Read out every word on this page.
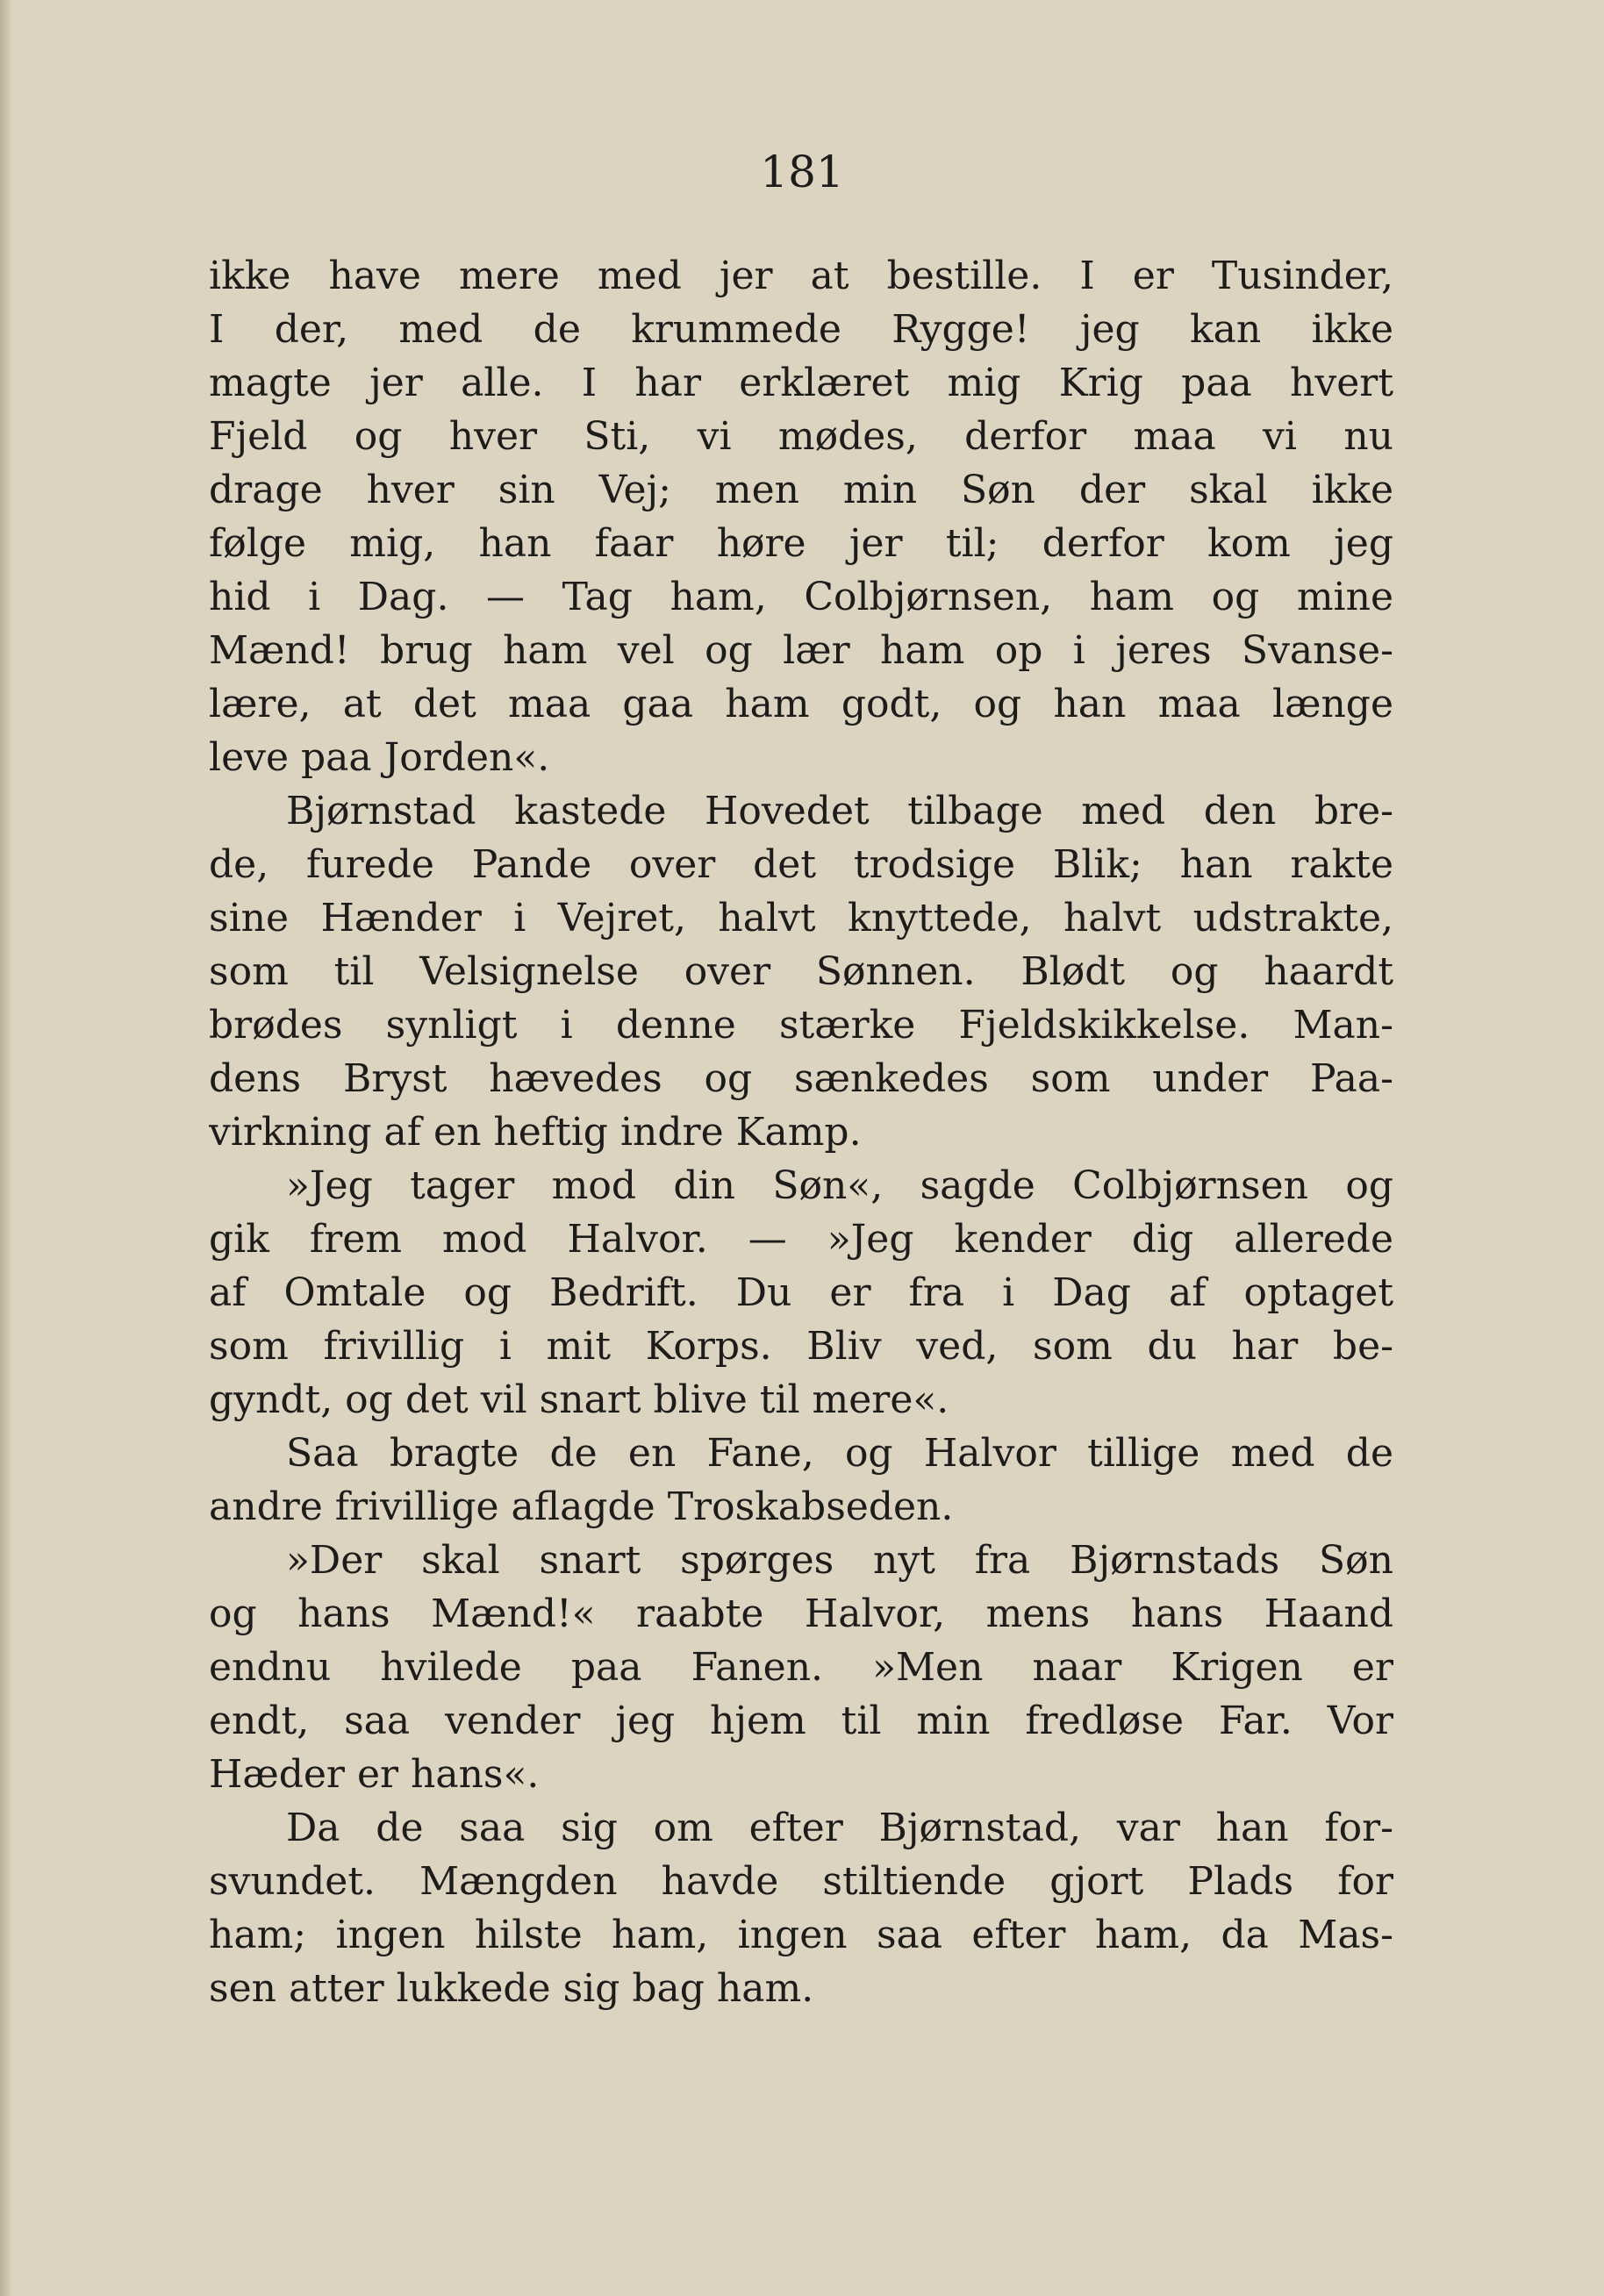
181
ikke have mere med jer at bestille. I er Tusinder,
I der, med de krummede Rygge! jeg kan ikke
magte jer alle. I har erklæret mig Krig paa hvert
Fjeld og hver Sti, vi mødes, derfor maa vi nu
drage hver sin Vej; men min Søn der skal ikke
følge mig, han faar høre jer til; derfor kom jeg
hid i Dag. — Tag ham, Colbjørnsen, ham og mine
Mænd! brug ham vel og lær ham op i jeres Svanse-
lære, at det maa gaa ham godt, og han maa længe
leve paa Jorden«.
Bjørnstad kastede Hovedet tilbage med den bre-
de, furede Pande over det trodsige Blik; han rakte
sine Hænder i Vejret, halvt knyttede, halvt udstrakte,
som til Velsignelse over Sønnen. Blødt og haardt
brødes synligt i denne stærke Fjeldskikkelse. Man-
dens Bryst hævedes og sænkedes som under Paa-
virkning af en heftig indre Kamp.
»Jeg tager mod din Søn«, sagde Colbjørnsen og
gik frem mod Halvor. — »Jeg kender dig allerede
af Omtale og Bedrift. Du er fra i Dag af optaget
som frivillig i mit Korps. Bliv ved, som du har be-
gyndt, og det vil snart blive til mere«.
Saa bragte de en Fane, og Halvor tillige med de
andre frivillige aflagde Troskabseden.
»Der skal snart spørges nyt fra Bjørnstads Søn
og hans Mænd!« raabte Halvor, mens hans Haand
endnu hvilede paa Fanen. »Men naar Krigen er
endt, saa vender jeg hjem til min fredløse Far. Vor
Hæder er hans«.
Da de saa sig om efter Bjørnstad, var han for-
svundet. Mængden havde stiltiende gjort Plads for
ham; ingen hilste ham, ingen saa efter ham, da Mas-
sen atter lukkede sig bag ham.
